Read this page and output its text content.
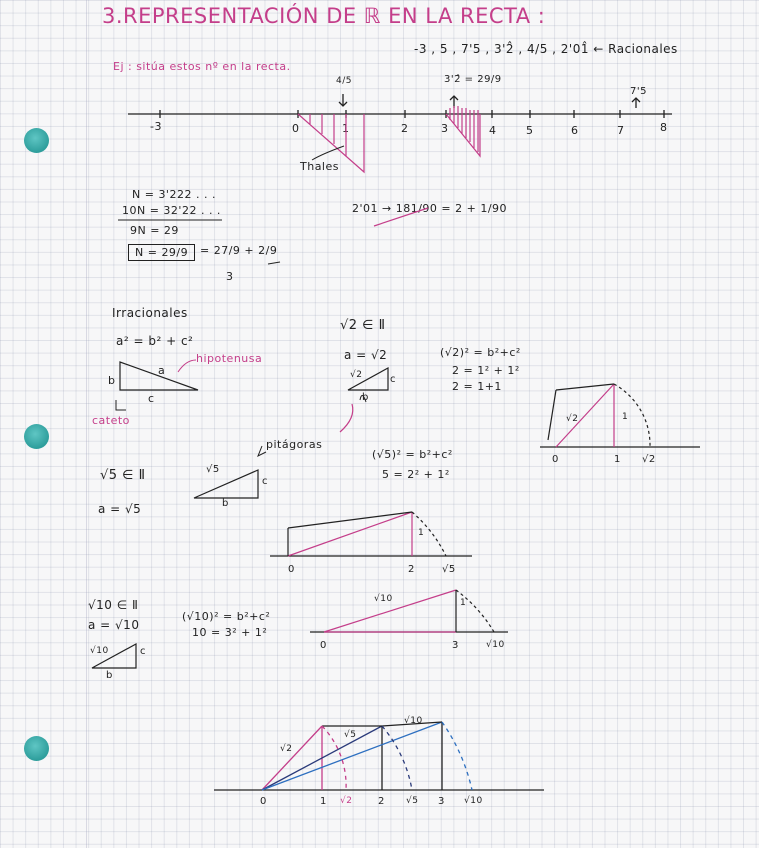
3.REPRESENTACIÓN DE ℝ EN LA RECTA :
-3 , 5 , 7'5 , 3'2̂ , 4/5 , 2'01̂ ← Racionales
Ej : sitúa estos nº en la recta.
4/5	3'2̂ = 29/9
7'5
-3	0	1	2	3	4	5	6	7	8
Thales
N = 3'222 . . .
10N = 32'22 . . .
9N = 29
N = 29/9	= 27/9 + 2/9
3
2'01 → 181/90 = 2 + 1/90
Irracionales
a² = b² + c²
hipotenusa
a
b
c
cateto
√2 ∈ Ⅱ
a = √2
√2	c
b
(√2)² = b²+c²
2 = 1² + 1²
2 = 1+1
pitágoras
√5 ∈ Ⅱ
a = √5
√5
c
b
(√5)² = b²+c²
5 = 2² + 1²
√10 ∈ Ⅱ
a = √10
√10	c
b
(√10)² = b²+c²
10 = 3² + 1²
0	1 √2
√2	1
0	2	√5
1
0	3	√10
√10	1
0	1 √2	2 √5 3 √10
√2
√5
√10
